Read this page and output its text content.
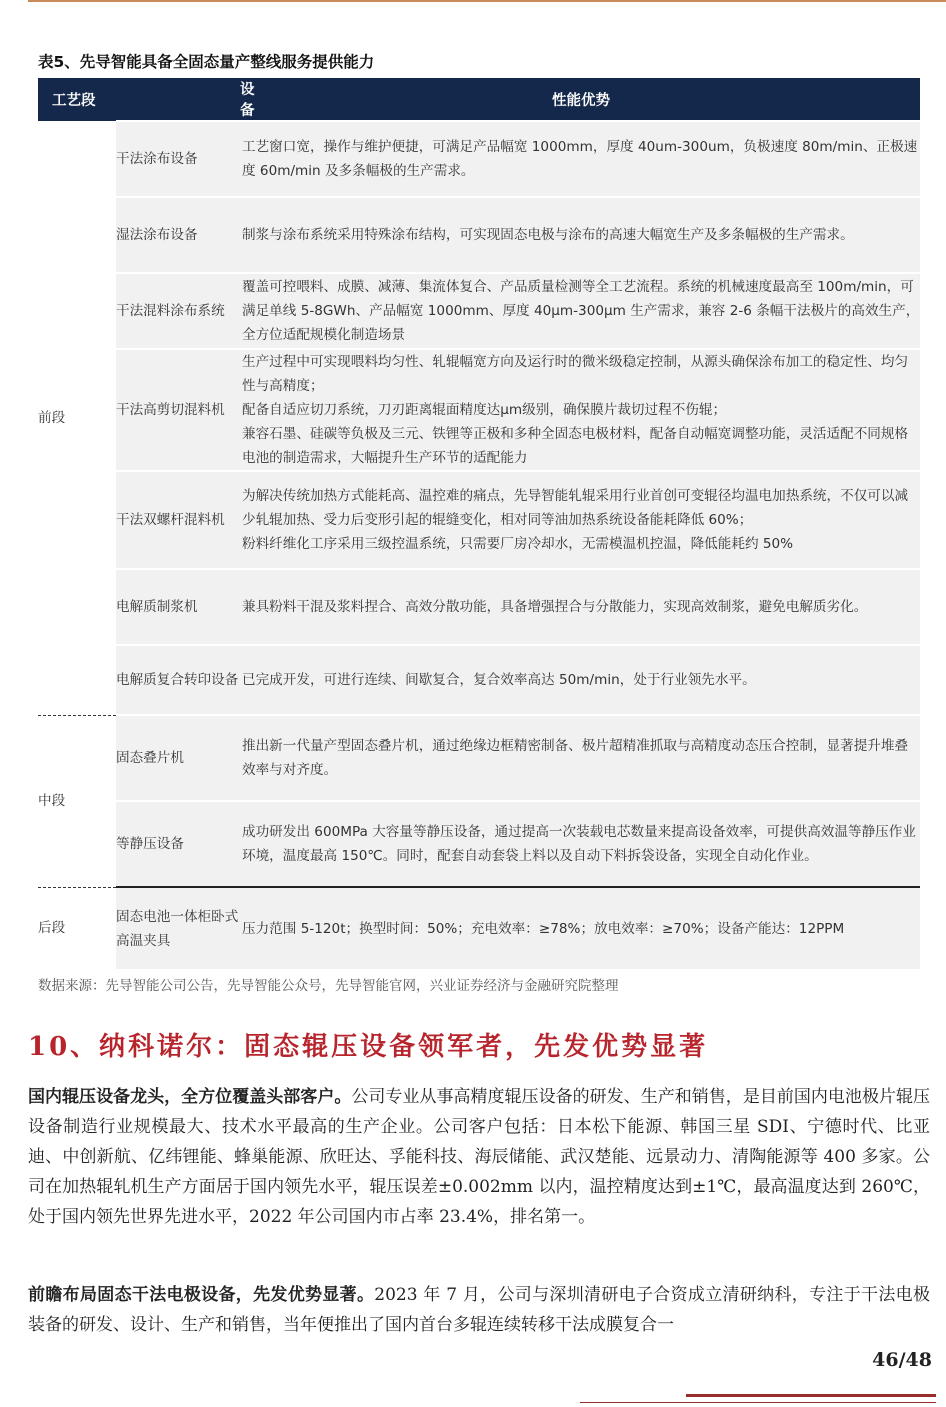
表5、先导智能具备全固态量产整线服务提供能力
工艺段	设备	性能优势
前段	干法涂布设备	工艺窗口宽，操作与维护便捷，可满足产品幅宽 1000mm，厚度 40um-300um，负极速度 80m/min、正极速度 60m/min 及多条幅极的生产需求。
	湿法涂布设备	制浆与涂布系统采用特殊涂布结构，可实现固态电极与涂布的高速大幅宽生产及多条幅极的生产需求。
	干法混料涂布系统	覆盖可控喂料、成膜、减薄、集流体复合、产品质量检测等全工艺流程。系统的机械速度最高至 100m/min，可满足单线 5-8GWh、产品幅宽 1000mm、厚度 40μm-300μm 生产需求，兼容 2-6 条幅干法极片的高效生产，全方位适配规模化制造场景
	干法高剪切混料机	生产过程中可实现喂料均匀性、轧辊幅宽方向及运行时的微米级稳定控制，从源头确保涂布加工的稳定性、均匀性与高精度；
配备自适应切刀系统，刀刃距离辊面精度达μm级别，确保膜片裁切过程不伤辊；
兼容石墨、硅碳等负极及三元、铁锂等正极和多种全固态电极材料，配备自动幅宽调整功能，灵活适配不同规格电池的制造需求，大幅提升生产环节的适配能力
	干法双螺杆混料机	为解决传统加热方式能耗高、温控难的痛点，先导智能轧辊采用行业首创可变辊径均温电加热系统，不仅可以减少轧辊加热、受力后变形引起的辊缝变化，相对同等油加热系统设备能耗降低 60%；
粉料纤维化工序采用三级控温系统，只需要厂房冷却水，无需模温机控温，降低能耗约 50%
	电解质制浆机	兼具粉料干混及浆料捏合、高效分散功能，具备增强捏合与分散能力，实现高效制浆，避免电解质劣化。
	电解质复合转印设备	已完成开发，可进行连续、间歇复合，复合效率高达 50m/min，处于行业领先水平。
中段	固态叠片机	推出新一代量产型固态叠片机，通过绝缘边框精密制备、极片超精准抓取与高精度动态压合控制，显著提升堆叠效率与对齐度。
	等静压设备	成功研发出 600MPa 大容量等静压设备，通过提高一次装载电芯数量来提高设备效率，可提供高效温等静压作业环境，温度最高 150℃。同时，配套自动套袋上料以及自动下料拆袋设备，实现全自动化作业。
后段	固态电池一体柜卧式高温夹具	压力范围 5-120t；换型时间：50%；充电效率：≥78%；放电效率：≥70%；设备产能达：12PPM
数据来源：先导智能公司公告，先导智能公众号，先导智能官网，兴业证券经济与金融研究院整理
10、纳科诺尔：固态辊压设备领军者，先发优势显著
国内辊压设备龙头，全方位覆盖头部客户。公司专业从事高精度辊压设备的研发、生产和销售，是目前国内电池极片辊压设备制造行业规模最大、技术水平最高的生产企业。公司客户包括：日本松下能源、韩国三星 SDI、宁德时代、比亚迪、中创新航、亿纬锂能、蜂巢能源、欣旺达、孚能科技、海辰储能、武汉楚能、远景动力、清陶能源等 400 多家。公司在加热辊轧机生产方面居于国内领先水平，辊压误差±0.002mm 以内，温控精度达到±1℃，最高温度达到 260℃，处于国内领先世界先进水平，2022 年公司国内市占率 23.4%，排名第一。
前瞻布局固态干法电极设备，先发优势显著。2023 年 7 月，公司与深圳清研电子合资成立清研纳科，专注于干法电极装备的研发、设计、生产和销售，当年便推出了国内首台多辊连续转移干法成膜复合一
46/48
